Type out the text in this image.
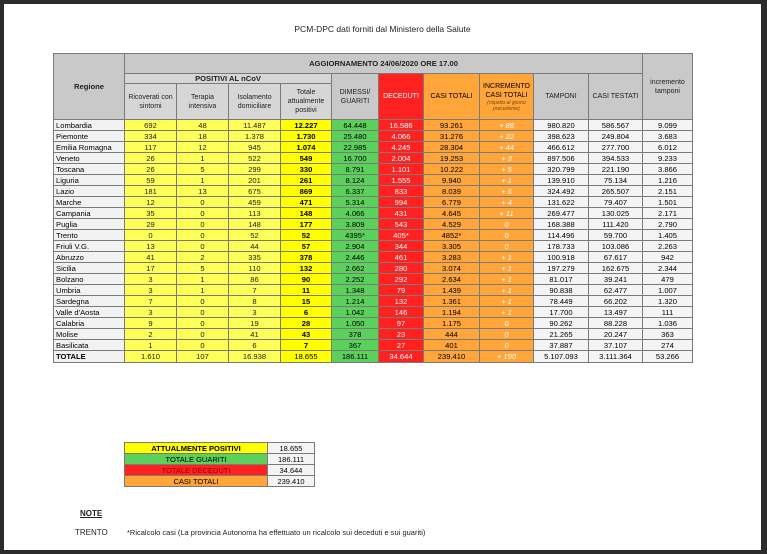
PCM-DPC dati forniti dal Ministero della Salute
Regione	AGGIORNAMENTO 24/06/2020 ORE 17.00										incremento tamponi
	POSITIVI AL nCoV				DIMESSI/ GUARITI	DECEDUTI	CASI TOTALI	INCREMENTO CASI TOTALI
(rispetto al giorno precedente)	TAMPONI	CASI TESTATI	
	Ricoverati con sintomi	Terapia intensiva	Isolamento domiciliare	Totale attualmente positivi							
Lombardia	692	48	11.487	12.227	64.448	16.586	93.261	+ 88	980.820	586.567	9.099
Piemonte	334	18	1.378	1.730	25.480	4.066	31.276	+ 22	398.623	249.804	3.683
Emilia Romagna	117	12	945	1.074	22.985	4.245	28.304	+ 44	466.612	277.700	6.012
Veneto	26	1	522	549	16.700	2.004	19.253	+ 3	897.506	394.533	9.233
Toscana	26	5	299	330	8.791	1.101	10.222	+ 5	320.799	221.190	3.866
Liguria	59	1	201	261	8.124	1.555	9.940	+ 1	139.910	75.134	1.216
Lazio	181	13	675	869	6.337	833	8.039	+ 6	324.492	265.507	2.151
Marche	12	0	459	471	5.314	994	6.779	+ 4	131.622	79.407	1.501
Campania	35	0	113	148	4.066	431	4.645	+ 11	269.477	130.025	2.171
Puglia	29	0	148	177	3.809	543	4.529	0	168.388	111.420	2.790
Trento	0	0	52	52	4395*	405*	4852*	0	114.496	59.700	1.405
Friuli V.G.	13	0	44	57	2.904	344	3.305	0	178.733	103.086	2.263
Abruzzo	41	2	335	378	2.446	461	3.283	+ 1	100.918	67.617	942
Sicilia	17	5	110	132	2.662	280	3.074	+ 1	197.279	162.675	2.344
Bolzano	3	1	86	90	2.252	292	2.634	+ 1	81.017	39.241	479
Umbria	3	1	7	11	1.348	79	1.439	+ 1	90.838	62.477	1.007
Sardegna	7	0	8	15	1.214	132	1.361	+ 1	78.449	66.202	1.320
Valle d'Aosta	3	0	3	6	1.042	146	1.194	+ 1	17.700	13.497	111
Calabria	9	0	19	28	1.050	97	1.175	0	90.262	88.228	1.036
Molise	2	0	41	43	378	23	444	0	21.265	20.247	363
Basilicata	1	0	6	7	367	27	401	0	37.887	37.107	274
TOTALE	1.610	107	16.938	18.655	186.111	34.644	239.410	+ 190	5.107.093	3.111.364	53.266
ATTUALMENTE POSITIVI	18.655
TOTALE GUARITI	186.111
TOTALE DECEDUTI	34.644
CASI TOTALI	239.410
NOTE
TRENTO	*Ricalcolo casi (La provincia Autonoma ha effettuato un ricalcolo sui deceduti e sui guariti)
